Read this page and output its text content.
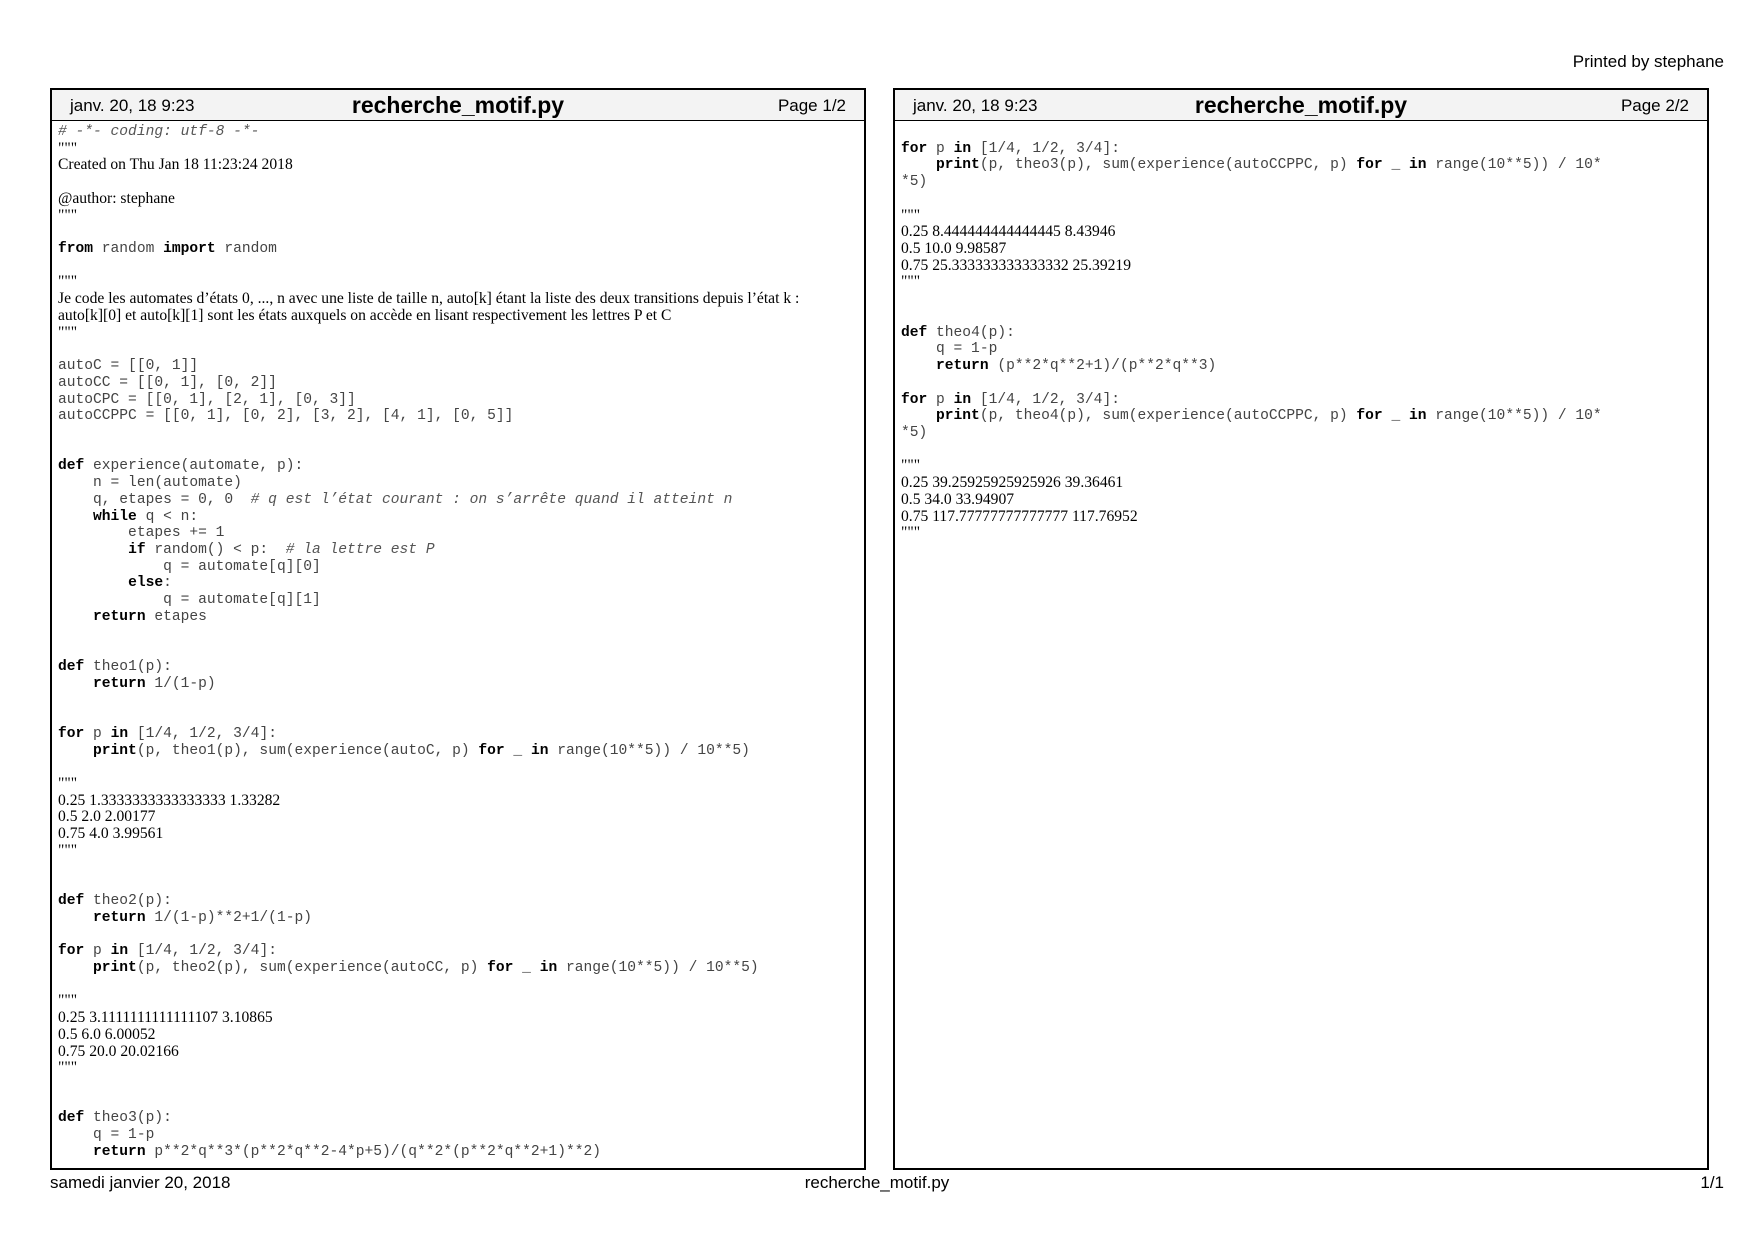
Printed by stephane
janv. 20, 18 9:23	recherche_motif.py	Page 1/2
# -*- coding: utf-8 -*-
"""
Created on Thu Jan 18 11:23:24 2018
@author: stephane
"""
from random import random
"""
Je code les automates d’états 0, ..., n avec une liste de taille n, auto[k] étant la liste des deux transitions depuis l’état k :
auto[k][0] et auto[k][1] sont les états auxquels on accède en lisant respectivement les lettres P et C
"""
autoC = [[0, 1]]
autoCC = [[0, 1], [0, 2]]
autoCPC = [[0, 1], [2, 1], [0, 3]]
autoCCPPC = [[0, 1], [0, 2], [3, 2], [4, 1], [0, 5]]
def experience(automate, p):
n = len(automate)
q, etapes = 0, 0  # q est l’état courant : on s’arrête quand il atteint n
while q < n:
etapes += 1
if random() < p:  # la lettre est P
q = automate[q][0]
else:
q = automate[q][1]
return etapes
def theo1(p):
return 1/(1-p)
for p in [1/4, 1/2, 3/4]:
print(p, theo1(p), sum(experience(autoC, p) for _ in range(10**5)) / 10**5)
"""
0.25 1.3333333333333333 1.33282
0.5 2.0 2.00177
0.75 4.0 3.99561
"""
def theo2(p):
return 1/(1-p)**2+1/(1-p)
for p in [1/4, 1/2, 3/4]:
print(p, theo2(p), sum(experience(autoCC, p) for _ in range(10**5)) / 10**5)
"""
0.25 3.1111111111111107 3.10865
0.5 6.0 6.00052
0.75 20.0 20.02166
"""
def theo3(p):
q = 1-p
return p**2*q**3*(p**2*q**2-4*p+5)/(q**2*(p**2*q**2+1)**2)
janv. 20, 18 9:23	recherche_motif.py	Page 2/2
for p in [1/4, 1/2, 3/4]:
print(p, theo3(p), sum(experience(autoCCPPC, p) for _ in range(10**5)) / 10*
*5)
"""
0.25 8.444444444444445 8.43946
0.5 10.0 9.98587
0.75 25.333333333333332 25.39219
"""
def theo4(p):
q = 1-p
return (p**2*q**2+1)/(p**2*q**3)
for p in [1/4, 1/2, 3/4]:
print(p, theo4(p), sum(experience(autoCCPPC, p) for _ in range(10**5)) / 10*
*5)
"""
0.25 39.25925925925926 39.36461
0.5 34.0 33.94907
0.75 117.77777777777777 117.76952
"""
samedi janvier 20, 2018	recherche_motif.py	1/1
